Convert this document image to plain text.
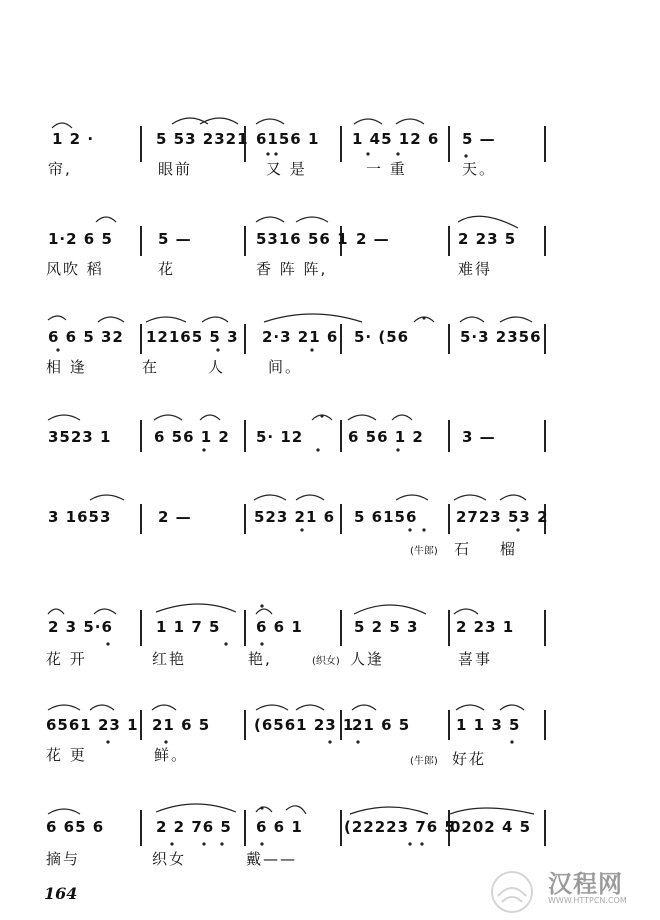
1 2 ·	5 53 2321 6156 1 1 45 12 6 5 —
帘,	眼前	又 是	一 重	天。
1·2 6 5	5 —	5316 56 1 2 —	2 23 5
风吹 稻	花	香 阵 阵,	难得
6 6 5 32 12165 5 3 2·3 21 6 5· (56	5·3 2356
相 逢	在	人	间。
3523 1	6 56 1 2 5· 12	6 56 1 2	3 —
3 1653	2 —	523 21 6 5 6156	2723 53 2
(牛郎) 石 榴
2 3 5·6	1 1 7 5 6 6 1	5 2 5 3	2 23 1
花 开	红艳	艳,	(织女) 人逢	喜事
6561 23 1 21 6 5	(6561 23 1
21 6 5	1 1 3 5
花 更	鲜。	(牛郎) 好花
6 65 6	2 2 76 5 6 6 1	(22223 76 5
0202 4 5
摘与	织女	戴——
164	汉程网
WWW.HTTPCN.COM
